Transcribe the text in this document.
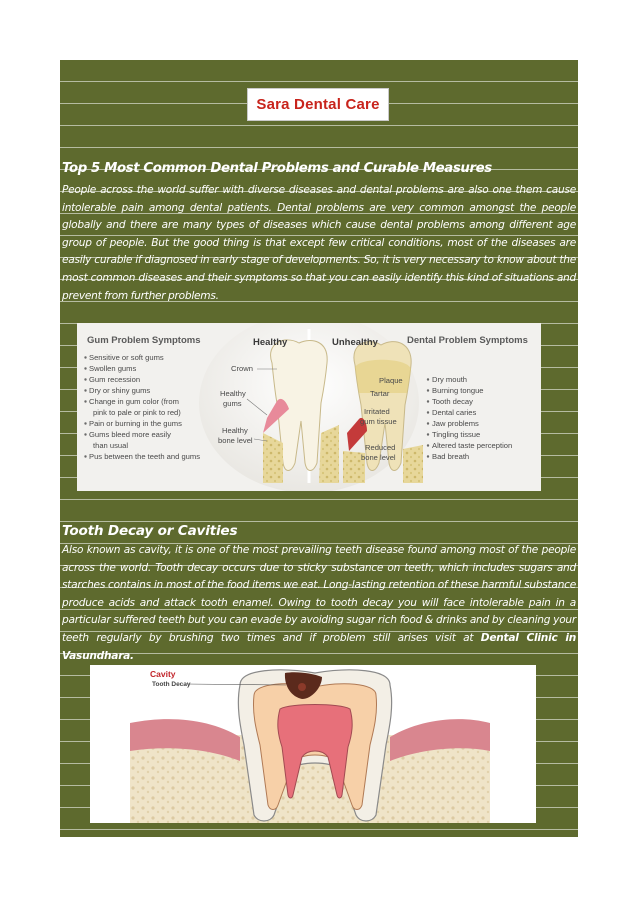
Sara Dental Care
Top 5 Most Common Dental Problems and Curable Measures

People across the world suffer with diverse diseases and dental problems are also one them cause intolerable pain among dental patients. Dental problems are very common amongst the people globally and there are many types of diseases which cause dental problems among different age group of people. But the good thing is that except few critical conditions, most of the diseases are easily curable if diagnosed in early stage of developments. So, it is very necessary to know about the most common diseases and their symptoms so that you can easily identify this kind of situations and prevent from further problems.

Gum Problem Symptoms	Healthy	Unhealthy	Dental Problem Symptoms
Sensitive or soft gums
Swollen gums
Gum recession
Dry or shiny gums
Change in gum color (from
pink to pale or pink to red)
Pain or burning in the gums
Gums bleed more easily
than usual
Pus between the teeth and gums
Crown
Healthy
gums
Healthy
bone level
Plaque
Tartar
Irritated
gum tissue
Reduced
bone level
Dry mouth
Burning tongue
Tooth decay
Dental caries
Jaw problems
Tingling tissue
Altered taste perception
Bad breath
Tooth Decay or Cavities

Also known as cavity, it is one of the most prevailing teeth disease found among most of the people across the world. Tooth decay occurs due to sticky substance on teeth, which includes sugars and starches contains in most of the food items we eat. Long-lasting retention of these harmful substance produce acids and attack tooth enamel. Owing to tooth decay you will face intolerable pain in a particular suffered teeth but you can evade by avoiding sugar rich food & drinks and by cleaning your teeth regularly by brushing two times and if problem still arises visit at Dental Clinic in Vasundhara.

Cavity
Tooth Decay
